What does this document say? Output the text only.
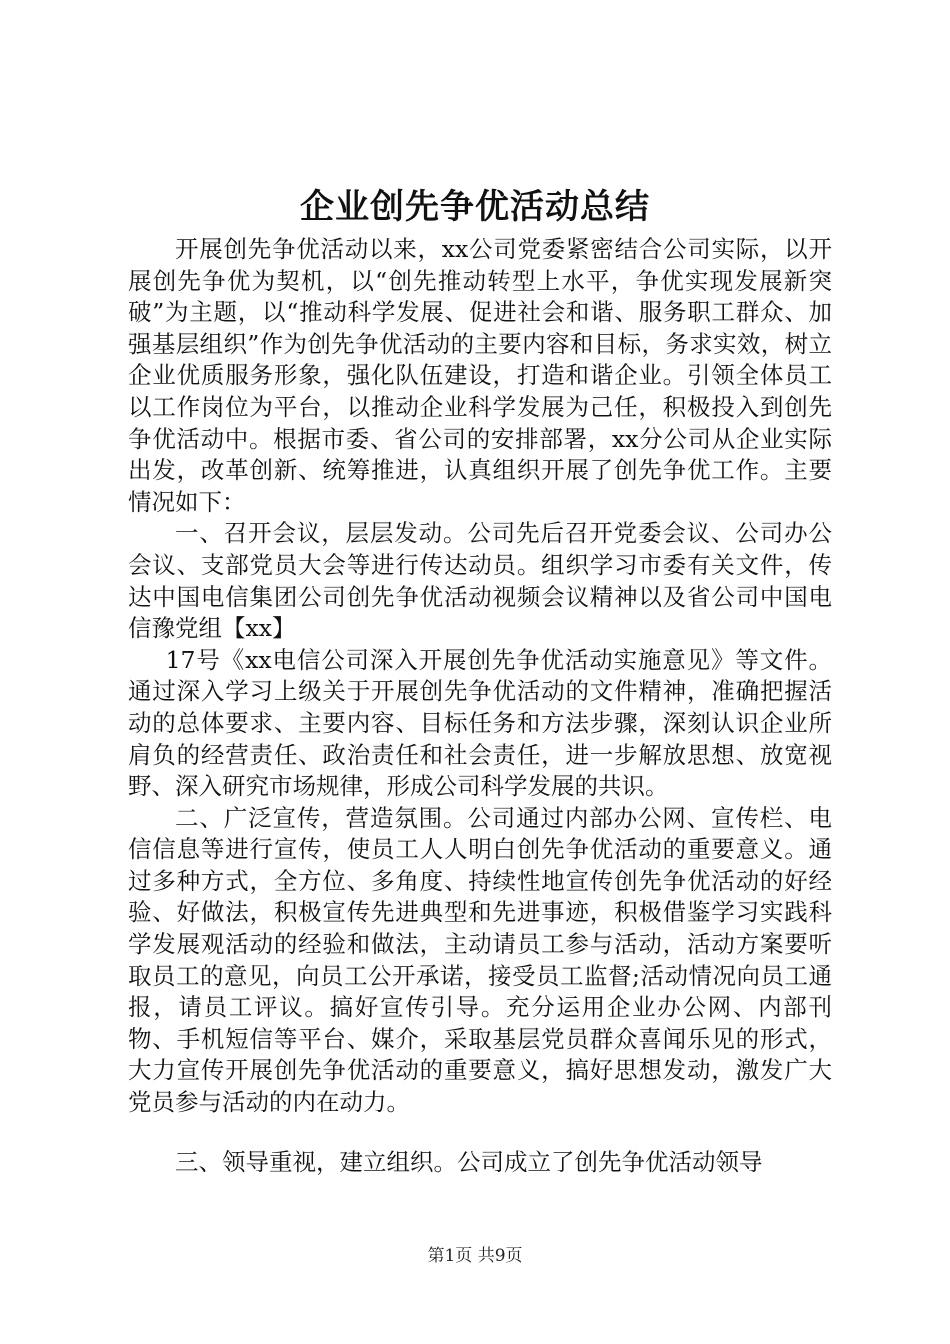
企业创先争优活动总结

开展创先争优活动以来，xx公司党委紧密结合公司实际，以开展创先争优为契机，以“创先推动转型上水平，争优实现发展新突破”为主题，以“推动科学发展、促进社会和谐、服务职工群众、加强基层组织”作为创先争优活动的主要内容和目标，务求实效，树立企业优质服务形象，强化队伍建设，打造和谐企业。引领全体员工以工作岗位为平台，以推动企业科学发展为己任，积极投入到创先争优活动中。根据市委、省公司的安排部署，xx分公司从企业实际出发，改革创新、统筹推进，认真组织开展了创先争优工作。主要情况如下：

一、召开会议，层层发动。公司先后召开党委会议、公司办公会议、支部党员大会等进行传达动员。组织学习市委有关文件，传达中国电信集团公司创先争优活动视频会议精神以及省公司中国电信豫党组【xx】

17号《xx电信公司深入开展创先争优活动实施意见》等文件。通过深入学习上级关于开展创先争优活动的文件精神，准确把握活动的总体要求、主要内容、目标任务和方法步骤，深刻认识企业所肩负的经营责任、政治责任和社会责任，进一步解放思想、放宽视野、深入研究市场规律，形成公司科学发展的共识。

二、广泛宣传，营造氛围。公司通过内部办公网、宣传栏、电信信息等进行宣传，使员工人人明白创先争优活动的重要意义。通过多种方式，全方位、多角度、持续性地宣传创先争优活动的好经验、好做法，积极宣传先进典型和先进事迹，积极借鉴学习实践科学发展观活动的经验和做法，主动请员工参与活动，活动方案要听取员工的意见，向员工公开承诺，接受员工监督;活动情况向员工通报，请员工评议。搞好宣传引导。充分运用企业办公网、内部刊物、手机短信等平台、媒介，采取基层党员群众喜闻乐见的形式，大力宣传开展创先争优活动的重要意义，搞好思想发动，激发广大党员参与活动的内在动力。

三、领导重视，建立组织。公司成立了创先争优活动领导

第1页 共9页
